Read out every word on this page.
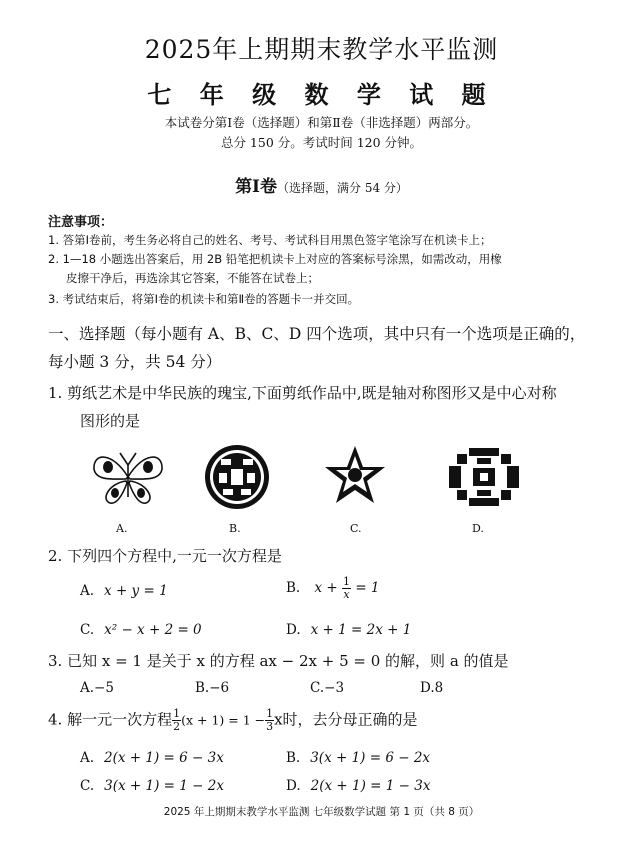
2025年上期期末教学水平监测
七 年 级 数 学 试 题
本试卷分第Ⅰ卷（选择题）和第Ⅱ卷（非选择题）两部分。
总分 150 分。考试时间 120 分钟。
第Ⅰ卷（选择题，满分 54 分）
注意事项：
1. 答第Ⅰ卷前，考生务必将自己的姓名、考号、考试科目用黑色签字笔涂写在机读卡上；
2. 1—18 小题选出答案后，用 2B 铅笔把机读卡上对应的答案标号涂黑，如需改动，用橡
皮擦干净后，再选涂其它答案，不能答在试卷上；
3. 考试结束后，将第Ⅰ卷的机读卡和第Ⅱ卷的答题卡一并交回。
一、选择题（每小题有 A、B、C、D 四个选项，其中只有一个选项是正确的，
每小题 3 分，共 54 分）
1. 剪纸艺术是中华民族的瑰宝,下面剪纸作品中,既是轴对称图形又是中心对称
图形的是
A.	B.	C.	D.
2. 下列四个方程中,一元一次方程是
A. x + y = 1	B. $x + \frac{1}{x} = 1$
C. x² − x + 2 = 0	D. x + 1 = 2x + 1
3. 已知 x = 1 是关于 x 的方程 ax − 2x + 5 = 0 的解，则 a 的值是
A.−5	B.−6	C.−3	D.8
4. 解一元一次方程 $\frac{1}{2} (x + 1) = 1 - \frac{1}{3}$ x时，去分母正确的是
A. 2(x + 1) = 6 − 3x	B. 3(x + 1) = 6 − 2x
C. 3(x + 1) = 1 − 2x	D. 2(x + 1) = 1 − 3x
2025 年上期期末教学水平监测 七年级数学试题 第 1 页（共 8 页）
